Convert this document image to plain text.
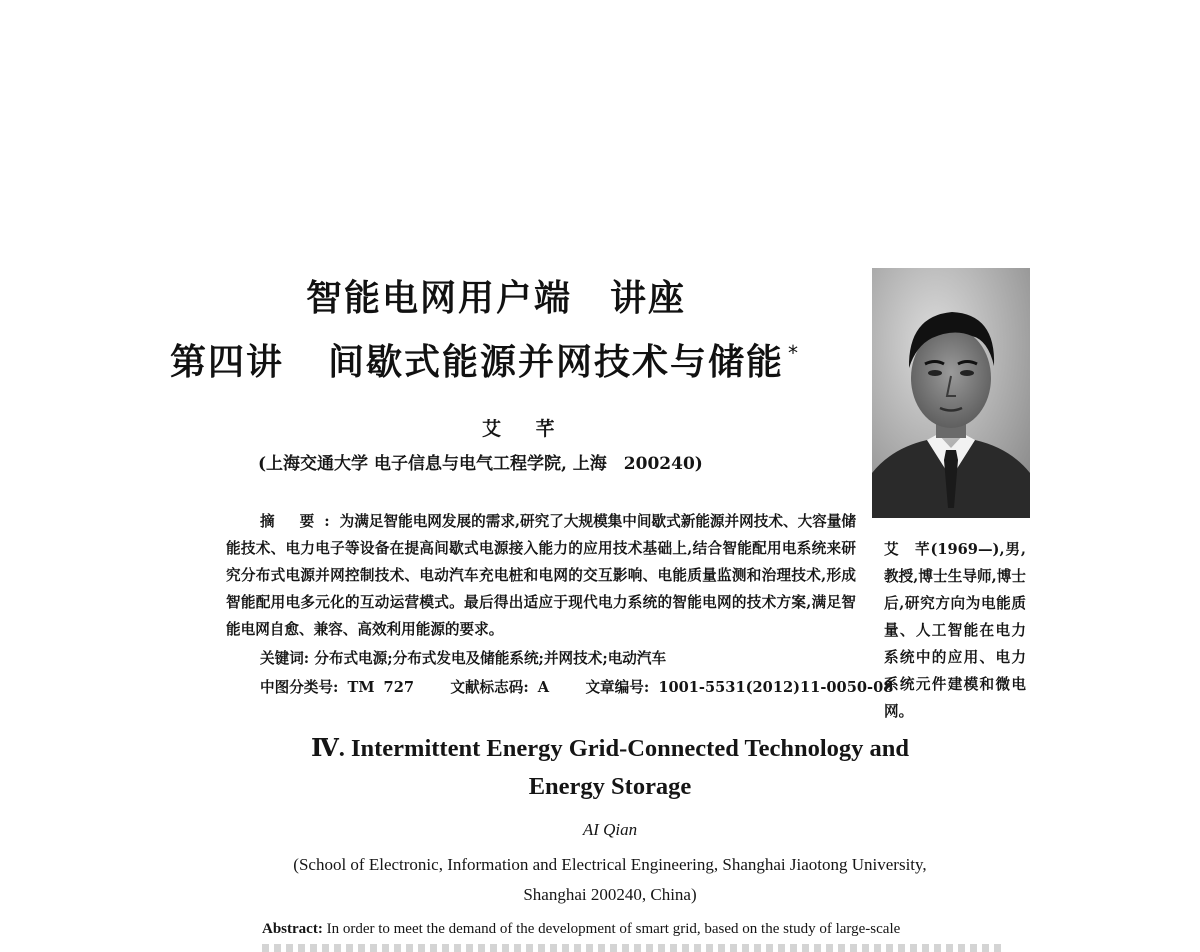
智能电网用户端 讲座
第四讲 间歇式能源并网技术与储能 *
艾 芊
(上海交通大学 电子信息与电气工程学院, 上海　200240)
摘 要:为满足智能电网发展的需求,研究了大规模集中间歇式新能源并网技术、大容量储能技术、电力电子等设备在提高间歇式电源接入能力的应用技术基础上,结合智能配用电系统来研究分布式电源并网控制技术、电动汽车充电桩和电网的交互影响、电能质量监测和治理技术,形成智能配用电多元化的互动运营模式。最后得出适应于现代电力系统的智能电网的技术方案,满足智能电网自愈、兼容、高效利用能源的要求。
关键词: 分布式电源;分布式发电及储能系统;并网技术;电动汽车
中图分类号: TM 727 文献标志码: A 文章编号: 1001-5531(2012)11-0050-08
艾　芊(1969—),男,教授,博士生导师,博士后,研究方向为电能质量、人工智能在电力系统中的应用、电力系统元件建模和微电网。
Ⅳ. Intermittent Energy Grid-Connected Technology and
Energy Storage
AI Qian
(School of Electronic, Information and Electrical Engineering, Shanghai Jiaotong University,
Shanghai 200240, China)
Abstract: In order to meet the demand of the development of smart grid, based on the study of large-scale
